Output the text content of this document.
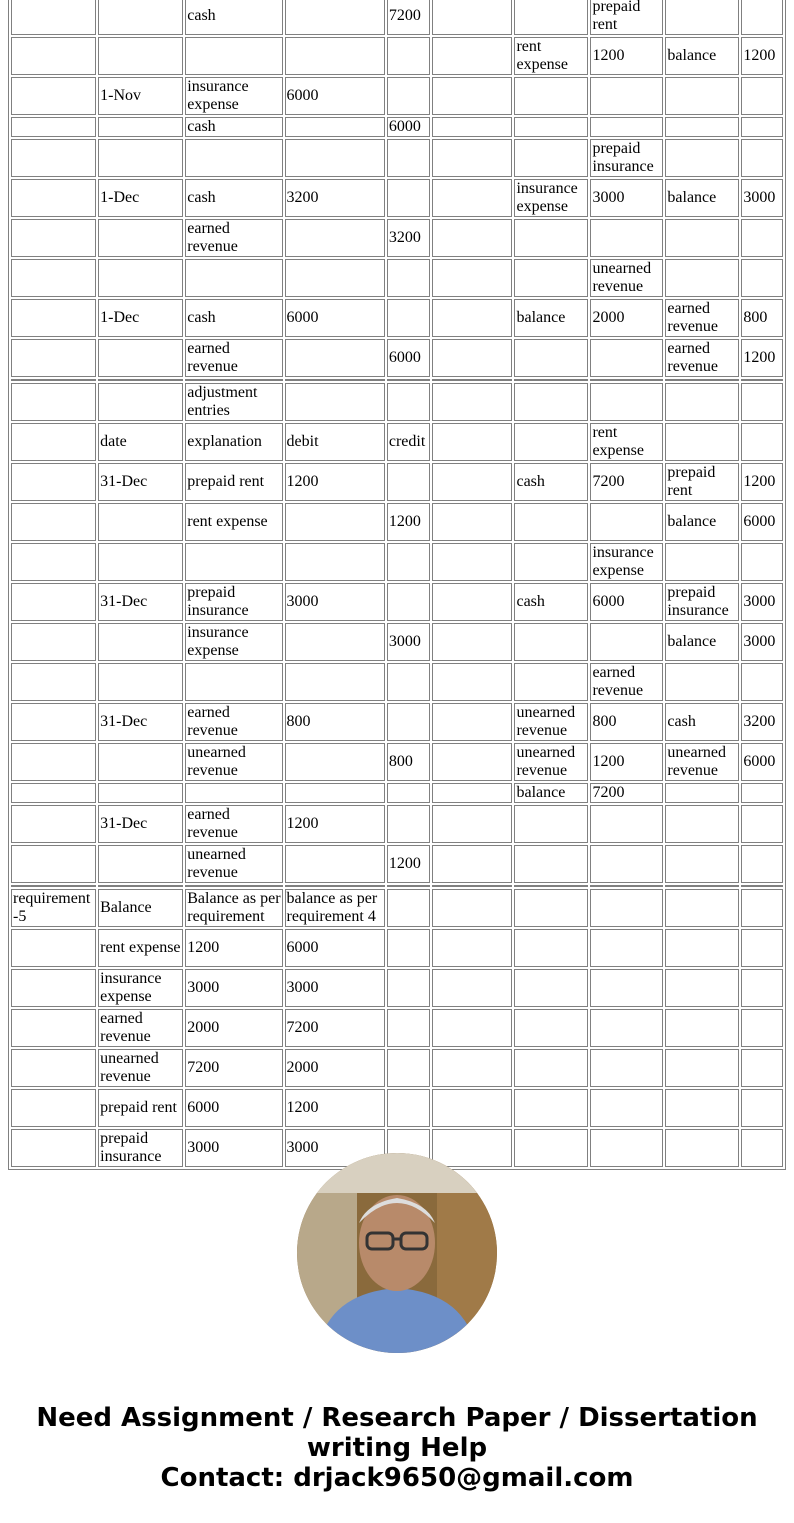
		cash		7200			prepaid rent		
						rent expense	1200	balance	1200
	1-Nov	insurance expense	6000						
		cash		6000					
							prepaid insurance		
	1-Dec	cash	3200			insurance expense	3000	balance	3000
		earned revenue		3200					
							unearned revenue		
	1-Dec	cash	6000			balance	2000	earned revenue	800
		earned revenue		6000				earned revenue	1200

		adjustment entries							
	date	explanation	debit	credit			rent expense		
	31-Dec	prepaid rent	1200			cash	7200	prepaid rent	1200
		rent expense		1200				balance	6000
							insurance expense		
	31-Dec	prepaid insurance	3000			cash	6000	prepaid insurance	3000
		insurance expense		3000				balance	3000
							earned revenue		
	31-Dec	earned revenue	800			unearned revenue	800	cash	3200
		unearned revenue		800		unearned revenue	1200	unearned revenue	6000
						balance	7200		
	31-Dec	earned revenue	1200						
		unearned revenue		1200					

requirement-5	Balance	Balance as per requirement	balance as per requirement 4						
	rent expense	1200	6000						
	insurance expense	3000	3000						
	earned revenue	2000	7200						
	unearned revenue	7200	2000						
	prepaid rent	6000	1200						
	prepaid insurance	3000	3000						
Need Assignment / Research Paper / Dissertation writing Help
Contact: drjack9650@gmail.com
